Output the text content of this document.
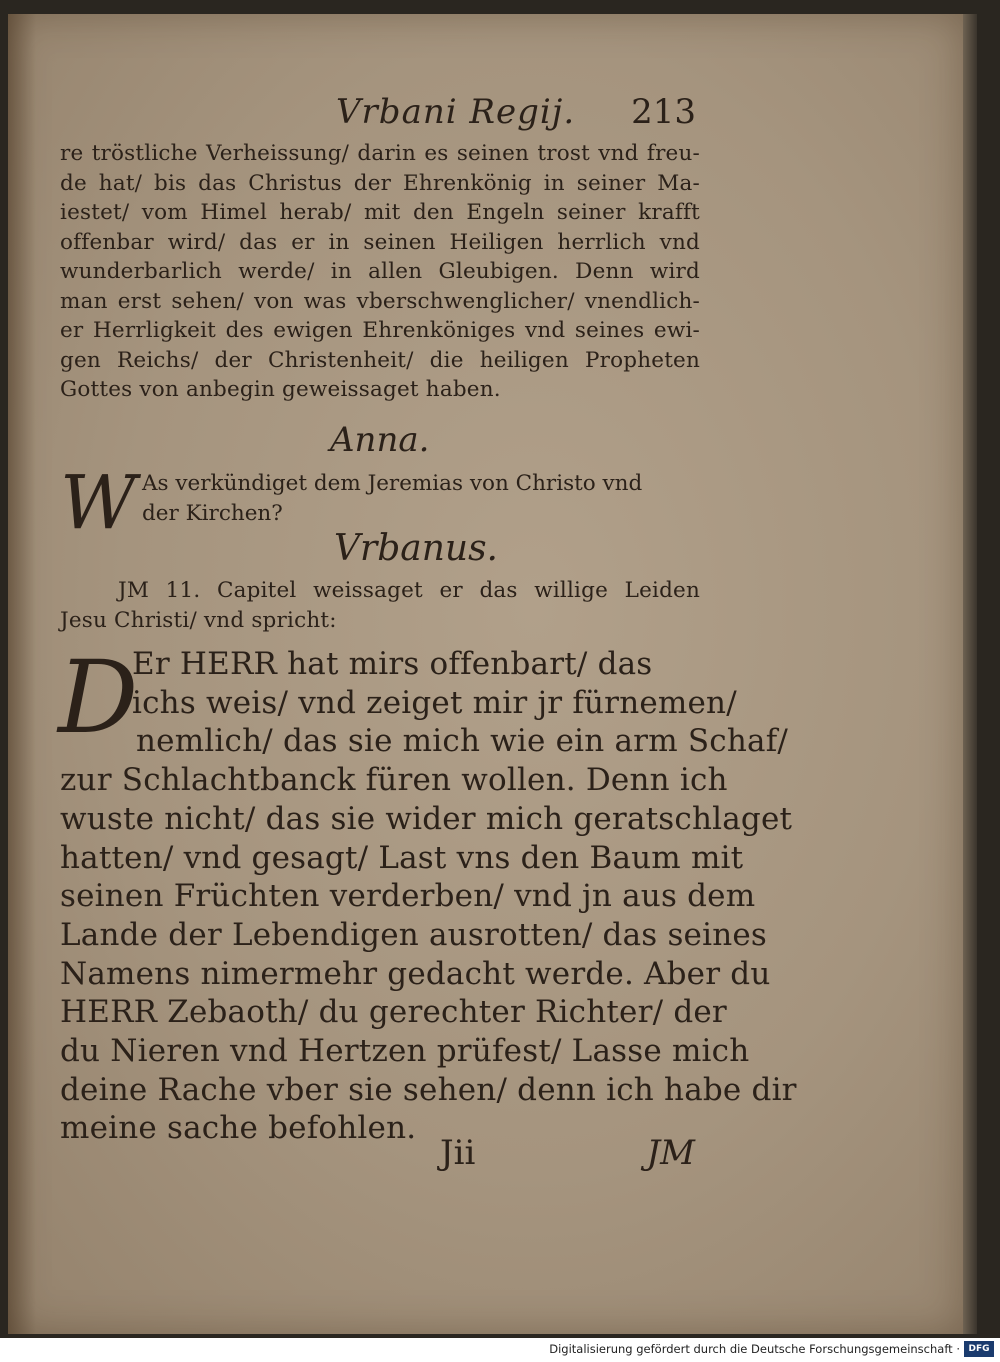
Vrbani Regij. 213
re tröstliche Verheissung/ darin es seinen trost vnd freu-
de hat/ bis das Christus der Ehrenkönig in seiner Ma-
iestet/ vom Himel herab/ mit den Engeln seiner krafft
offenbar wird/ das er in seinen Heiligen herrlich vnd
wunderbarlich werde/ in allen Gleubigen. Denn wird
man erst sehen/ von was vberschwenglicher/ vnendlich-
er Herrligkeit des ewigen Ehrenköniges vnd seines ewi-
gen Reichs/ der Christenheit/ die heiligen Propheten
Gottes von anbegin geweissaget haben.
Anna.
W As verkündiget dem Jeremias von Christo vnd
der Kirchen?
Vrbanus.
JM 11. Capitel weissaget er das willige Leiden
Jesu Christi/ vnd spricht:
D
Er HERR hat mirs offenbart/ das
ichs weis/ vnd zeiget mir jr fürnemen/
nemlich/ das sie mich wie ein arm Schaf/
zur Schlachtbanck füren wollen. Denn ich
wuste nicht/ das sie wider mich geratschlaget
hatten/ vnd gesagt/ Last vns den Baum mit
seinen Früchten verderben/ vnd jn aus dem
Lande der Lebendigen ausrotten/ das seines
Namens nimermehr gedacht werde. Aber du
HERR Zebaoth/ du gerechter Richter/ der
du Nieren vnd Hertzen prüfest/ Lasse mich
deine Rache vber sie sehen/ denn ich habe dir
meine sache befohlen.
Jii	JM
Digitalisierung gefördert durch die Deutsche Forschungsgemeinschaft · DFG
